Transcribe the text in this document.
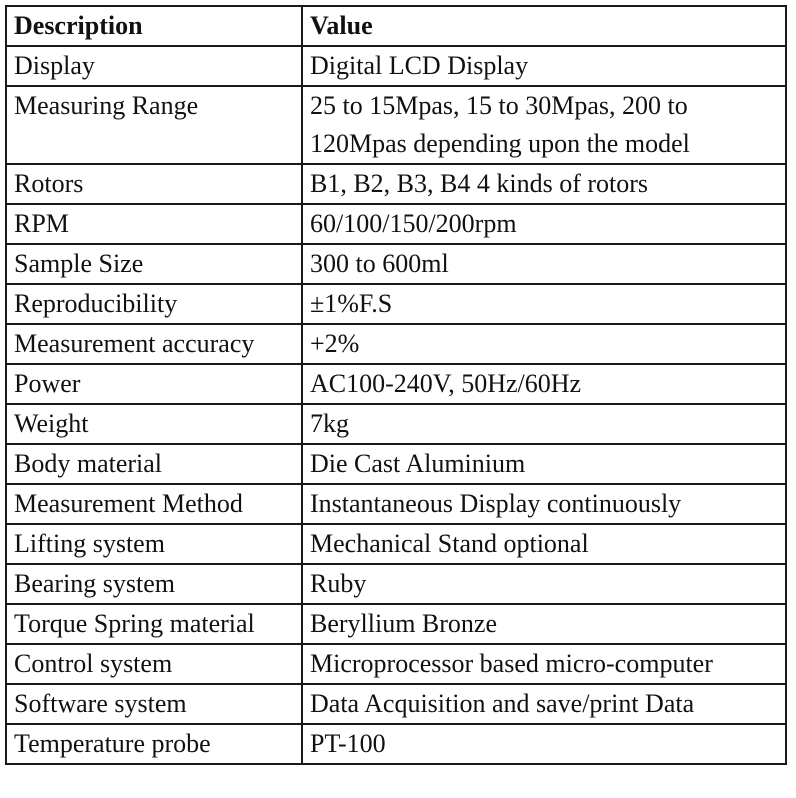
Description	Value
Display	Digital LCD Display
Measuring Range	25 to 15Mpas, 15 to 30Mpas, 200 to 120Mpas depending upon the model
Rotors	B1, B2, B3, B4 4 kinds of rotors
RPM	60/100/150/200rpm
Sample Size	300 to 600ml
Reproducibility	±1%F.S
Measurement accuracy	+2%
Power	AC100-240V, 50Hz/60Hz
Weight	7kg
Body material	Die Cast Aluminium
Measurement Method	Instantaneous Display continuously
Lifting system	Mechanical Stand optional
Bearing system	Ruby
Torque Spring material	Beryllium Bronze
Control system	Microprocessor based micro-computer
Software system	Data Acquisition and save/print Data
Temperature probe	PT-100
